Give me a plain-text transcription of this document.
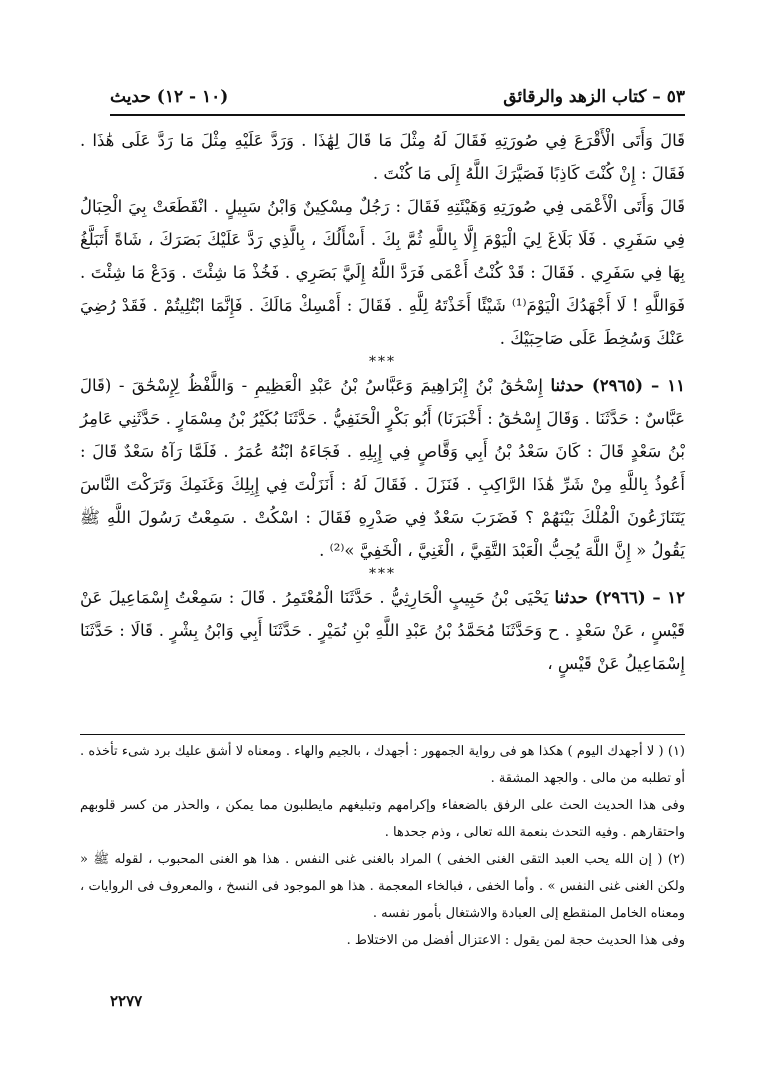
٥٣ – كتاب الزهد والرقائق
(١٠ - ١٢) حديث

قَالَ وَأَتَى الْأَقْرَعَ فِي صُورَتِهِ فَقَالَ لَهُ مِثْلَ مَا قَالَ لِهَٰذَا . وَرَدَّ عَلَيْهِ مِثْلَ مَا رَدَّ عَلَى هَٰذَا . فَقَالَ : إِنْ كُنْتَ كَاذِبًا فَصَيَّرَكَ اللَّهُ إِلَى مَا كُنْتَ .

قَالَ وَأَتَى الْأَعْمَى فِي صُورَتِهِ وَهَيْئَتِهِ فَقَالَ : رَجُلٌ مِسْكِينٌ وَابْنُ سَبِيلٍ . انْقَطَعَتْ بِيَ الْحِبَالُ فِي سَفَرِي . فَلَا بَلَاغَ لِيَ الْيَوْمَ إِلَّا بِاللَّهِ ثُمَّ بِكَ . أَسْأَلُكَ ، بِالَّذِي رَدَّ عَلَيْكَ بَصَرَكَ ، شَاةً أَتَبَلَّغُ بِهَا فِي سَفَرِي . فَقَالَ : قَدْ كُنْتُ أَعْمَى فَرَدَّ اللَّهُ إِلَيَّ بَصَرِي . فَخُذْ مَا شِئْتَ . وَدَعْ مَا شِئْتَ . فَوَاللَّهِ ! لَا أَجْهَدُكَ الْيَوْمَ⁽¹⁾ شَيْئًا أَخَذْتَهُ لِلَّهِ . فَقَالَ : أَمْسِكْ مَالَكَ . فَإِنَّمَا ابْتُلِيتُمْ . فَقَدْ رُضِيَ عَنْكَ وَسُخِطَ عَلَى صَاحِبَيْكَ .

***

١١ – (٢٩٦٥) حدثنا إِسْحَٰقُ بْنُ إِبْرَاهِيمَ وَعَبَّاسُ بْنُ عَبْدِ الْعَظِيمِ - وَاللَّفْظُ لِإِسْحَٰقَ - (قَالَ عَبَّاسٌ : حَدَّثَنَا . وَقَالَ إِسْحَٰقُ : أَخْبَرَنَا) أَبُو بَكْرٍ الْحَنَفِيُّ . حَدَّثَنَا بُكَيْرُ بْنُ مِسْمَارٍ . حَدَّثَنِي عَامِرُ بْنُ سَعْدٍ قَالَ : كَانَ سَعْدُ بْنُ أَبِي وَقَّاصٍ فِي إِبِلِهِ . فَجَاءَهُ ابْنُهُ عُمَرُ . فَلَمَّا رَآهُ سَعْدٌ قَالَ : أَعُوذُ بِاللَّهِ مِنْ شَرِّ هَٰذَا الرَّاكِبِ . فَنَزَلَ . فَقَالَ لَهُ : أَنَزَلْتَ فِي إِبِلِكَ وَغَنَمِكَ وَتَرَكْتَ النَّاسَ يَتَنَازَعُونَ الْمُلْكَ بَيْنَهُمْ ؟ فَضَرَبَ سَعْدٌ فِي صَدْرِهِ فَقَالَ : اسْكُتْ . سَمِعْتُ رَسُولَ اللَّهِ ﷺ يَقُولُ « إِنَّ اللَّهَ يُحِبُّ الْعَبْدَ التَّقِيَّ ، الْغَنِيَّ ، الْخَفِيَّ »⁽²⁾ .

***

١٢ – (٢٩٦٦) حدثنا يَحْيَى بْنُ حَبِيبٍ الْحَارِثِيُّ . حَدَّثَنَا الْمُعْتَمِرُ . قَالَ : سَمِعْتُ إِسْمَاعِيلَ عَنْ قَيْسٍ ، عَنْ سَعْدٍ . ح وَحَدَّثَنَا مُحَمَّدُ بْنُ عَبْدِ اللَّهِ بْنِ نُمَيْرٍ . حَدَّثَنَا أَبِي وَابْنُ بِشْرٍ . قَالَا : حَدَّثَنَا إِسْمَاعِيلُ عَنْ قَيْسٍ ،

(١) ( لا أجهدك اليوم ) هكذا هو فى رواية الجمهور : أجهدك ، بالجيم والهاء . ومعناه لا أشق عليك برد شىء تأخذه . أو تطلبه من مالى . والجهد المشقة .

وفى هذا الحديث الحث على الرفق بالضعفاء وإكرامهم وتبليغهم مايطلبون مما يمكن ، والحذر من كسر قلوبهم واحتقارهم . وفيه التحدث بنعمة الله تعالى ، وذم جحدها .

(٢) ( إن الله يحب العبد التقى الغنى الخفى ) المراد بالغنى غنى النفس . هذا هو الغنى المحبوب ، لقوله ﷺ « ولكن الغنى غنى النفس » . وأما الخفى ، فبالخاء المعجمة . هذا هو الموجود فى النسخ ، والمعروف فى الروايات ، ومعناه الخامل المنقطع إلى العبادة والاشتغال بأمور نفسه .

وفى هذا الحديث حجة لمن يقول : الاعتزال أفضل من الاختلاط .

٢٢٧٧
